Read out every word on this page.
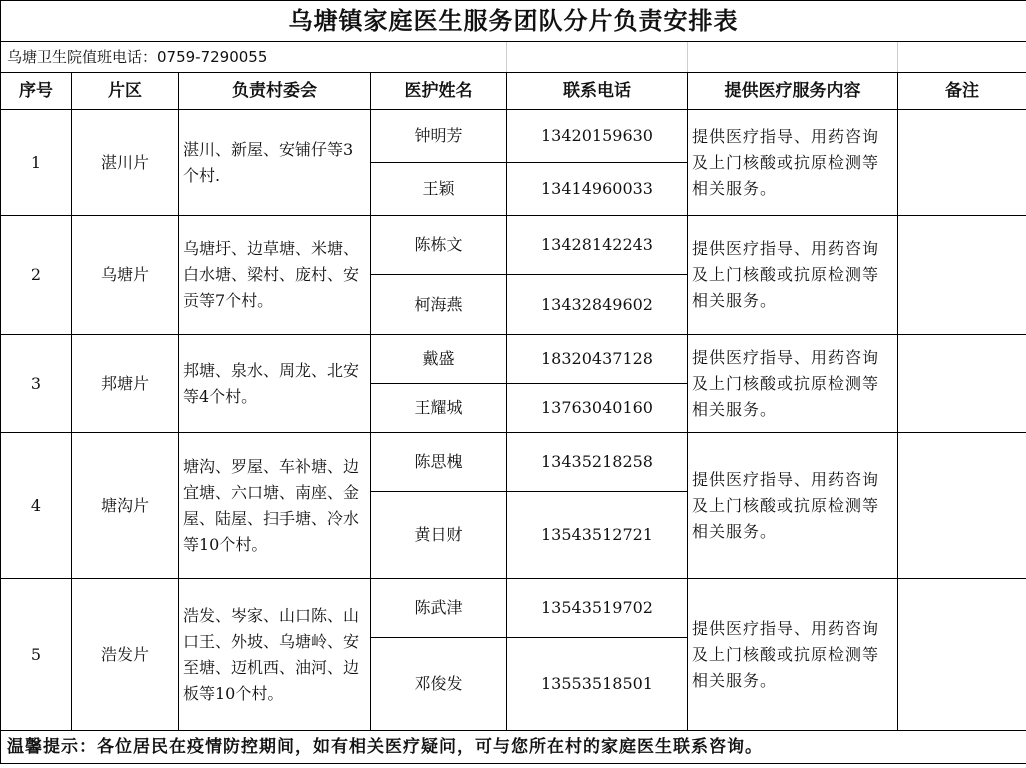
乌塘镇家庭医生服务团队分片负责安排表						
乌塘卫生院值班电话：0759-7290055						
序号	片区	负责村委会	医护姓名	联系电话	提供医疗服务内容	备注
1	湛川片	湛川、新屋、安铺仔等3个村.	钟明芳	13420159630	提供医疗指导、用药咨询及上门核酸或抗原检测等相关服务。	
			王颖	13414960033		
2	乌塘片	乌塘圩、边草塘、米塘、白水塘、梁村、庞村、安贡等7个村。	陈栋文	13428142243	提供医疗指导、用药咨询及上门核酸或抗原检测等相关服务。	
			柯海燕	13432849602		
3	邦塘片	邦塘、泉水、周龙、北安等4个村。	戴盛	18320437128	提供医疗指导、用药咨询及上门核酸或抗原检测等相关服务。	
			王耀城	13763040160		
4	塘沟片	塘沟、罗屋、车补塘、边宜塘、六口塘、南座、金屋、陆屋、扫手塘、冷水等10个村。	陈思槐	13435218258	提供医疗指导、用药咨询及上门核酸或抗原检测等相关服务。	
			黄日财	13543512721		
5	浩发片	浩发、岑家、山口陈、山口王、外坡、乌塘岭、安至塘、迈机西、油河、边板等10个村。	陈武津	13543519702	提供医疗指导、用药咨询及上门核酸或抗原检测等相关服务。	
			邓俊发	13553518501		
温馨提示：各位居民在疫情防控期间，如有相关医疗疑问，可与您所在村的家庭医生联系咨询。						
